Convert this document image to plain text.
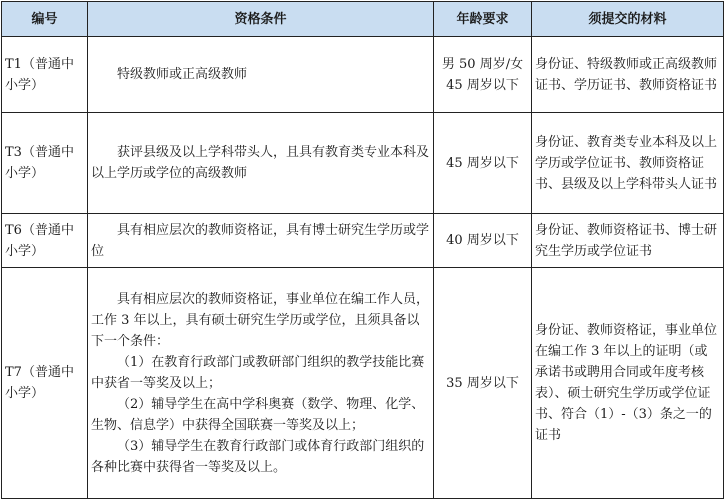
编号	资格条件	年龄要求	须提交的材料
T1（普通中小学）	特级教师或正高级教师	男 50 周岁/女 45 周岁以下	身份证、特级教师或正高级教师证书、学历证书、教师资格证书
T3（普通中小学）	获评县级及以上学科带头人，且具有教育类专业本科及以上学历或学位的高级教师	45 周岁以下	身份证、教育类专业本科及以上学历或学位证书、教师资格证书、县级及以上学科带头人证书
T6（普通中小学）	具有相应层次的教师资格证，具有博士研究生学历或学位	40 周岁以下	身份证、教师资格证书、博士研究生学历或学位证书
T7（普通中小学）	具有相应层次的教师资格证，事业单位在编工作人员，工作 3 年以上，具有硕士研究生学历或学位，且须具备以下一个条件：

（1）在教育行政部门或教研部门组织的教学技能比赛中获省一等奖及以上；

（2）辅导学生在高中学科奥赛（数学、物理、化学、生物、信息学）中获得全国联赛一等奖及以上；

（3）辅导学生在教育行政部门或体育行政部门组织的各种比赛中获得省一等奖及以上。	35 周岁以下	身份证、教师资格证，事业单位在编工作 3 年以上的证明（或承诺书或聘用合同或年度考核表）、硕士研究生学历或学位证书、符合（1）-（3）条之一的证书
